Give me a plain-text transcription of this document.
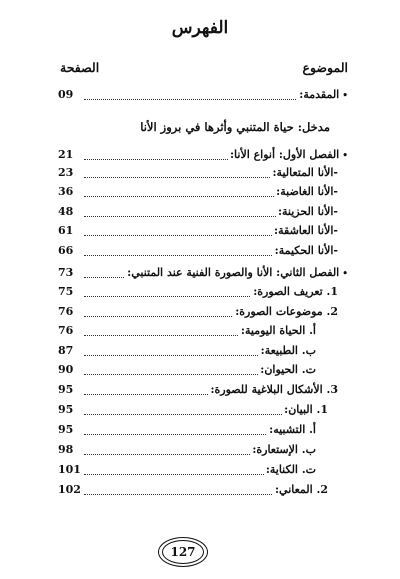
الفهرس
الموضوع
الصفحة
•المقدمة:
09
مدخل: حياة المتنبي وأثرها في بروز الأنا
•الفصل الأول: أنواع الأنا:
21
-الأنا المتعالية:
23
-الأنا الغاضبة:
36
-الأنا الحزينة:
48
-الأنا العاشقة:
61
-الأنا الحكيمة:
66
•الفصل الثاني: الأنا والصورة الفنية عند المتنبي:
73
1. تعريف الصورة:
75
2. موضوعات الصورة:
76
أ. الحياة اليومية:
76
ب. الطبيعة:
87
ت. الحيوان:
90
3. الأشكال البلاغية للصورة:
95
1. البيان:
95
أ. التشبيه:
95
ب. الإستعارة:
98
ت. الكناية:
101
2. المعاني:
102
127
